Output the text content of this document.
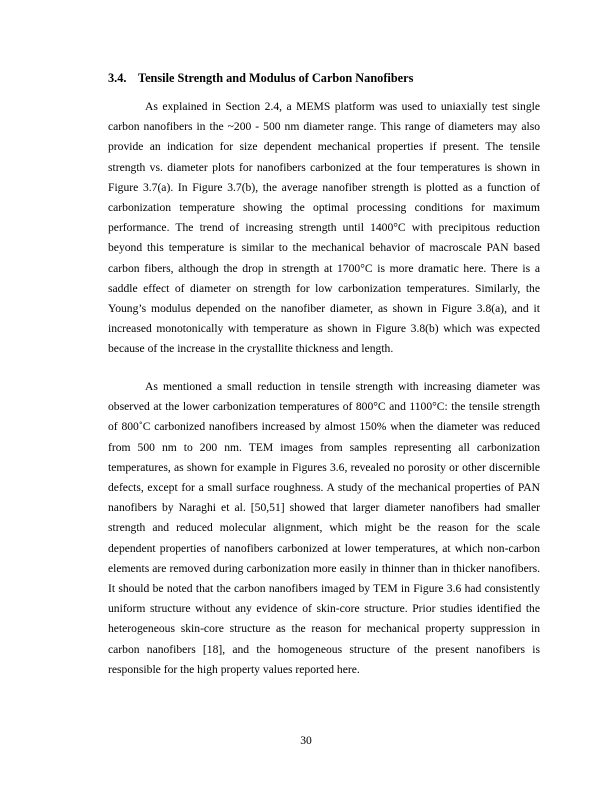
3.4. Tensile Strength and Modulus of Carbon Nanofibers

As explained in Section 2.4, a MEMS platform was used to uniaxially test single carbon nanofibers in the ~200 - 500 nm diameter range. This range of diameters may also provide an indication for size dependent mechanical properties if present. The tensile strength vs. diameter plots for nanofibers carbonized at the four temperatures is shown in Figure 3.7(a). In Figure 3.7(b), the average nanofiber strength is plotted as a function of carbonization temperature showing the optimal processing conditions for maximum performance. The trend of increasing strength until 1400°C with precipitous reduction beyond this temperature is similar to the mechanical behavior of macroscale PAN based carbon fibers, although the drop in strength at 1700°C is more dramatic here. There is a saddle effect of diameter on strength for low carbonization temperatures. Similarly, the Young’s modulus depended on the nanofiber diameter, as shown in Figure 3.8(a), and it increased monotonically with temperature as shown in Figure 3.8(b) which was expected because of the increase in the crystallite thickness and length.

As mentioned a small reduction in tensile strength with increasing diameter was observed at the lower carbonization temperatures of 800°C and 1100°C: the tensile strength of 800˚C carbonized nanofibers increased by almost 150% when the diameter was reduced from 500 nm to 200 nm. TEM images from samples representing all carbonization temperatures, as shown for example in Figures 3.6, revealed no porosity or other discernible defects, except for a small surface roughness. A study of the mechanical properties of PAN nanofibers by Naraghi et al. [50,51] showed that larger diameter nanofibers had smaller strength and reduced molecular alignment, which might be the reason for the scale dependent properties of nanofibers carbonized at lower temperatures, at which non-carbon elements are removed during carbonization more easily in thinner than in thicker nanofibers. It should be noted that the carbon nanofibers imaged by TEM in Figure 3.6 had consistently uniform structure without any evidence of skin-core structure. Prior studies identified the heterogeneous skin-core structure as the reason for mechanical property suppression in carbon nanofibers [18], and the homogeneous structure of the present nanofibers is responsible for the high property values reported here.

30
